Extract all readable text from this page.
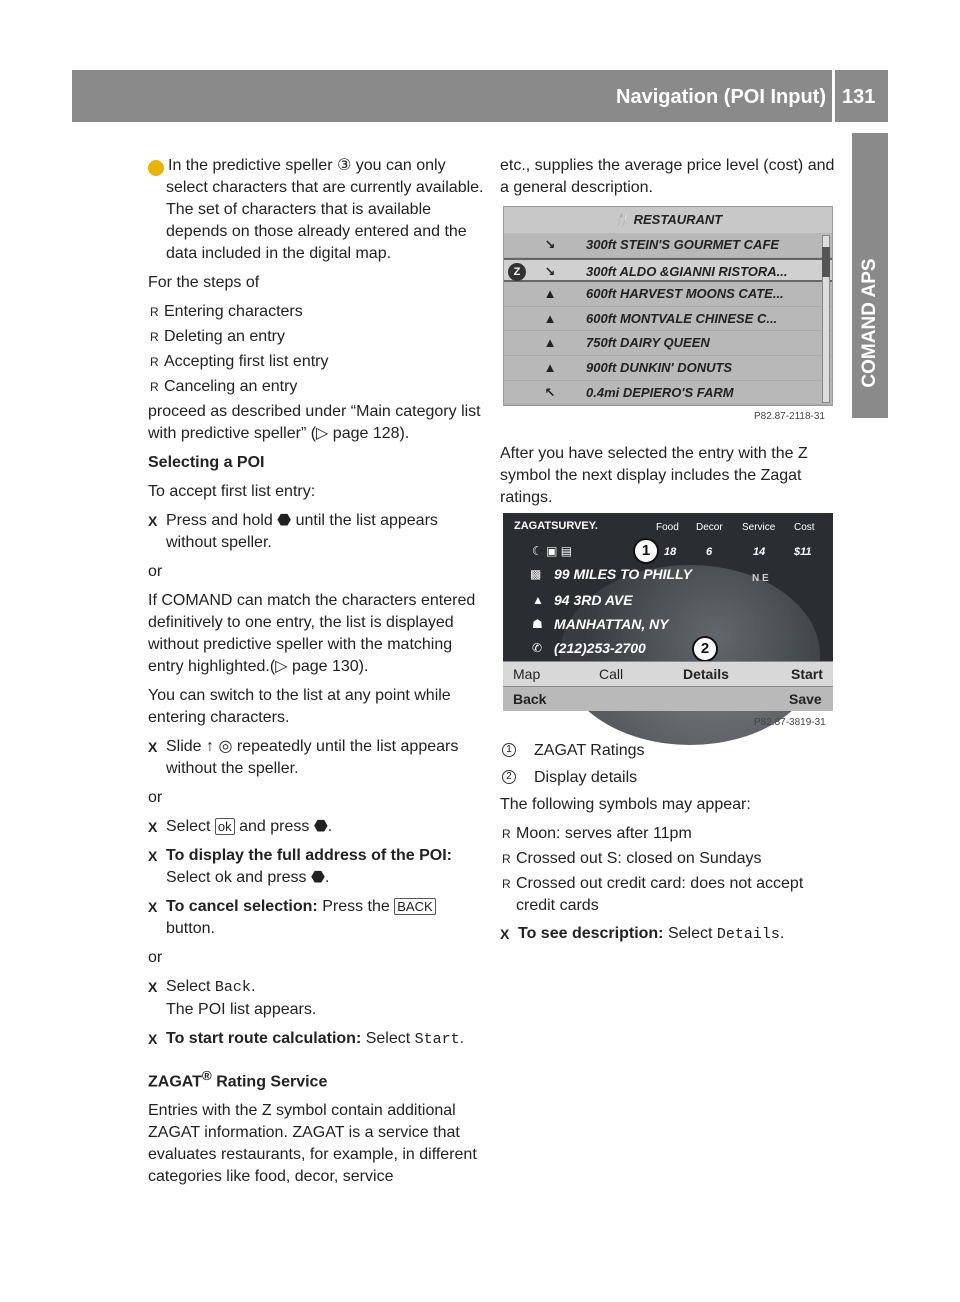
Navigation (POI Input) 131
COMAND APS

i In the predictive speller ③ you can only select characters that are currently available. The set of characters that is available depends on those already entered and the data included in the digital map.

For the steps of

R Entering characters
R Deleting an entry
R Accepting first list entry
R Canceling an entry

proceed as described under “Main category list with predictive speller” (▷ page 128).

Selecting a POI

To accept first list entry:

X Press and hold ⬣ until the list appears without speller.

or

If COMAND can match the characters entered definitively to one entry, the list is displayed without predictive speller with the matching entry highlighted.(▷ page 130).

You can switch to the list at any point while entering characters.

X Slide ↑ ◎ repeatedly until the list appears without the speller.

or

X Select ok and press ⬣.
X To display the full address of the POI:
Select ok and press ⬣.
X To cancel selection: Press the BACK
button.

or

X Select Back.
The POI list appears.
X To start route calculation: Select Start.

ZAGAT® Rating Service

Entries with the Z symbol contain additional ZAGAT information. ZAGAT is a service that evaluates restaurants, for example, in different categories like food, decor, service

etc., supplies the average price level (cost) and a general description.

🍴 RESTAURANT
↘	300ft STEIN'S GOURMET CAFE
Z	↘	300ft ALDO &GIANNI RISTORA...
▲ 600ft HARVEST MOONS CATE...
▲ 600ft MONTVALE CHINESE C...
▲ 750ft DAIRY QUEEN
▲ 900ft DUNKIN' DONUTS
↖	0.4mi DEPIERO'S FARM
P82.87-2118-31

After you have selected the entry with the Z symbol the next display includes the Zagat ratings.

ZAGATSURVEY.	Food Decor Service Cost
☾ ▣ ▤	18	6	14	$11
1
▩ 99 MILES TO PHILLY	N E
▲ 94 3RD AVE
☗ MANHATTAN, NY
✆ (212)253-2700	2
Map	Call	Details	Start
Back	Save
P82.87-3819-31
1 ZAGAT Ratings
2 Display details

The following symbols may appear:

R Moon: serves after 11pm
R Crossed out S: closed on Sundays
R Crossed out credit card: does not accept credit cards
X To see description: Select Details.
